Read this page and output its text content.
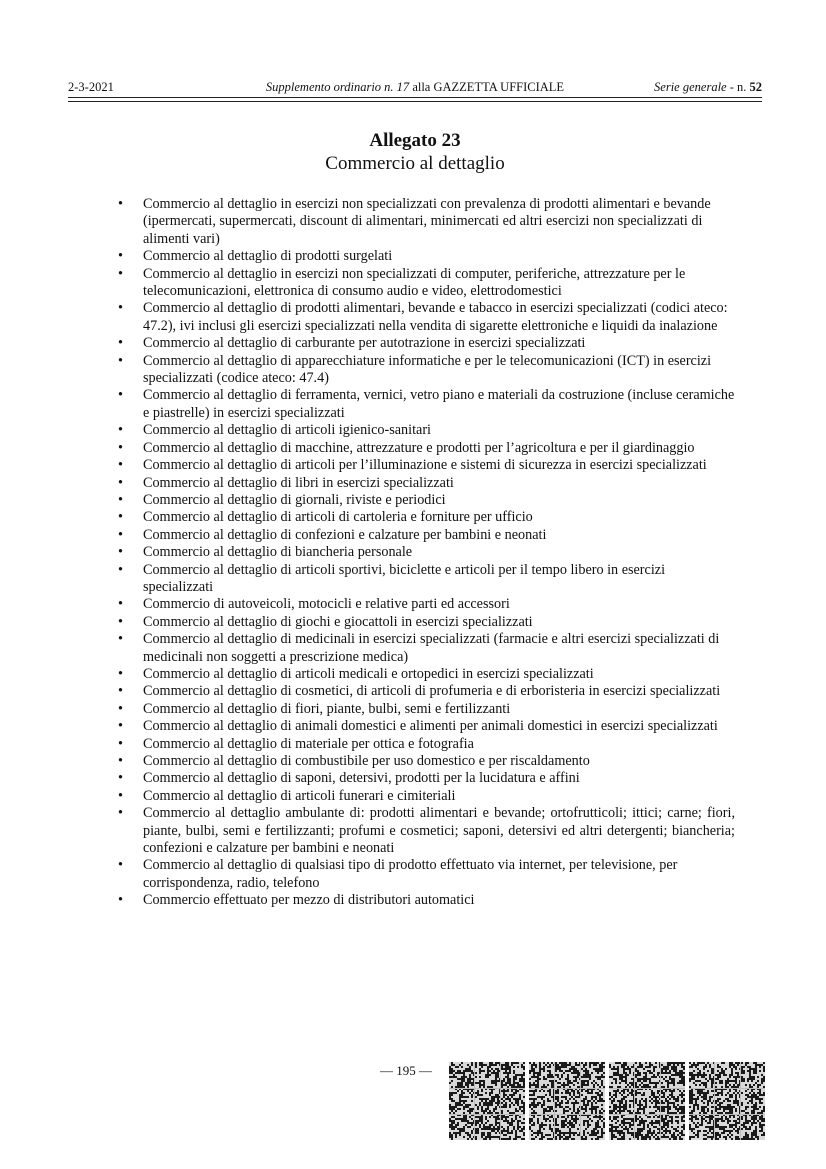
2-3-2021	Supplemento ordinario n. 17 alla GAZZETTA UFFICIALE	Serie generale - n. 52
Allegato 23
Commercio al dettaglio
• Commercio al dettaglio in esercizi non specializzati con prevalenza di prodotti alimentari e bevande (ipermercati, supermercati, discount di alimentari, minimercati ed altri esercizi non specializzati di alimenti vari)
• Commercio al dettaglio di prodotti surgelati
• Commercio al dettaglio in esercizi non specializzati di computer, periferiche, attrezzature per le telecomunicazioni, elettronica di consumo audio e video, elettrodomestici
• Commercio al dettaglio di prodotti alimentari, bevande e tabacco in esercizi specializzati (codici ateco: 47.2), ivi inclusi gli esercizi specializzati nella vendita di sigarette elettroniche e liquidi da inalazione
• Commercio al dettaglio di carburante per autotrazione in esercizi specializzati
• Commercio al dettaglio di apparecchiature informatiche e per le telecomunicazioni (ICT) in esercizi specializzati (codice ateco: 47.4)
• Commercio al dettaglio di ferramenta, vernici, vetro piano e materiali da costruzione (incluse ceramiche e piastrelle) in esercizi specializzati
• Commercio al dettaglio di articoli igienico-sanitari
• Commercio al dettaglio di macchine, attrezzature e prodotti per l’agricoltura e per il giardinaggio
• Commercio al dettaglio di articoli per l’illuminazione e sistemi di sicurezza in esercizi specializzati
• Commercio al dettaglio di libri in esercizi specializzati
• Commercio al dettaglio di giornali, riviste e periodici
• Commercio al dettaglio di articoli di cartoleria e forniture per ufficio
• Commercio al dettaglio di confezioni e calzature per bambini e neonati
• Commercio al dettaglio di biancheria personale
• Commercio al dettaglio di articoli sportivi, biciclette e articoli per il tempo libero in esercizi specializzati
• Commercio di autoveicoli, motocicli e relative parti ed accessori
• Commercio al dettaglio di giochi e giocattoli in esercizi specializzati
• Commercio al dettaglio di medicinali in esercizi specializzati (farmacie e altri esercizi specializzati di medicinali non soggetti a prescrizione medica)
• Commercio al dettaglio di articoli medicali e ortopedici in esercizi specializzati
• Commercio al dettaglio di cosmetici, di articoli di profumeria e di erboristeria in esercizi specializzati
• Commercio al dettaglio di fiori, piante, bulbi, semi e fertilizzanti
• Commercio al dettaglio di animali domestici e alimenti per animali domestici in esercizi specializzati
• Commercio al dettaglio di materiale per ottica e fotografia
• Commercio al dettaglio di combustibile per uso domestico e per riscaldamento
• Commercio al dettaglio di saponi, detersivi, prodotti per la lucidatura e affini
• Commercio al dettaglio di articoli funerari e cimiteriali
• Commercio al dettaglio ambulante di: prodotti alimentari e bevande; ortofrutticoli; ittici; carne; fiori, piante, bulbi, semi e fertilizzanti; profumi e cosmetici; saponi, detersivi ed altri detergenti; biancheria; confezioni e calzature per bambini e neonati
• Commercio al dettaglio di qualsiasi tipo di prodotto effettuato via internet, per televisione, per corrispondenza, radio, telefono
• Commercio effettuato per mezzo di distributori automatici
— 195 —
